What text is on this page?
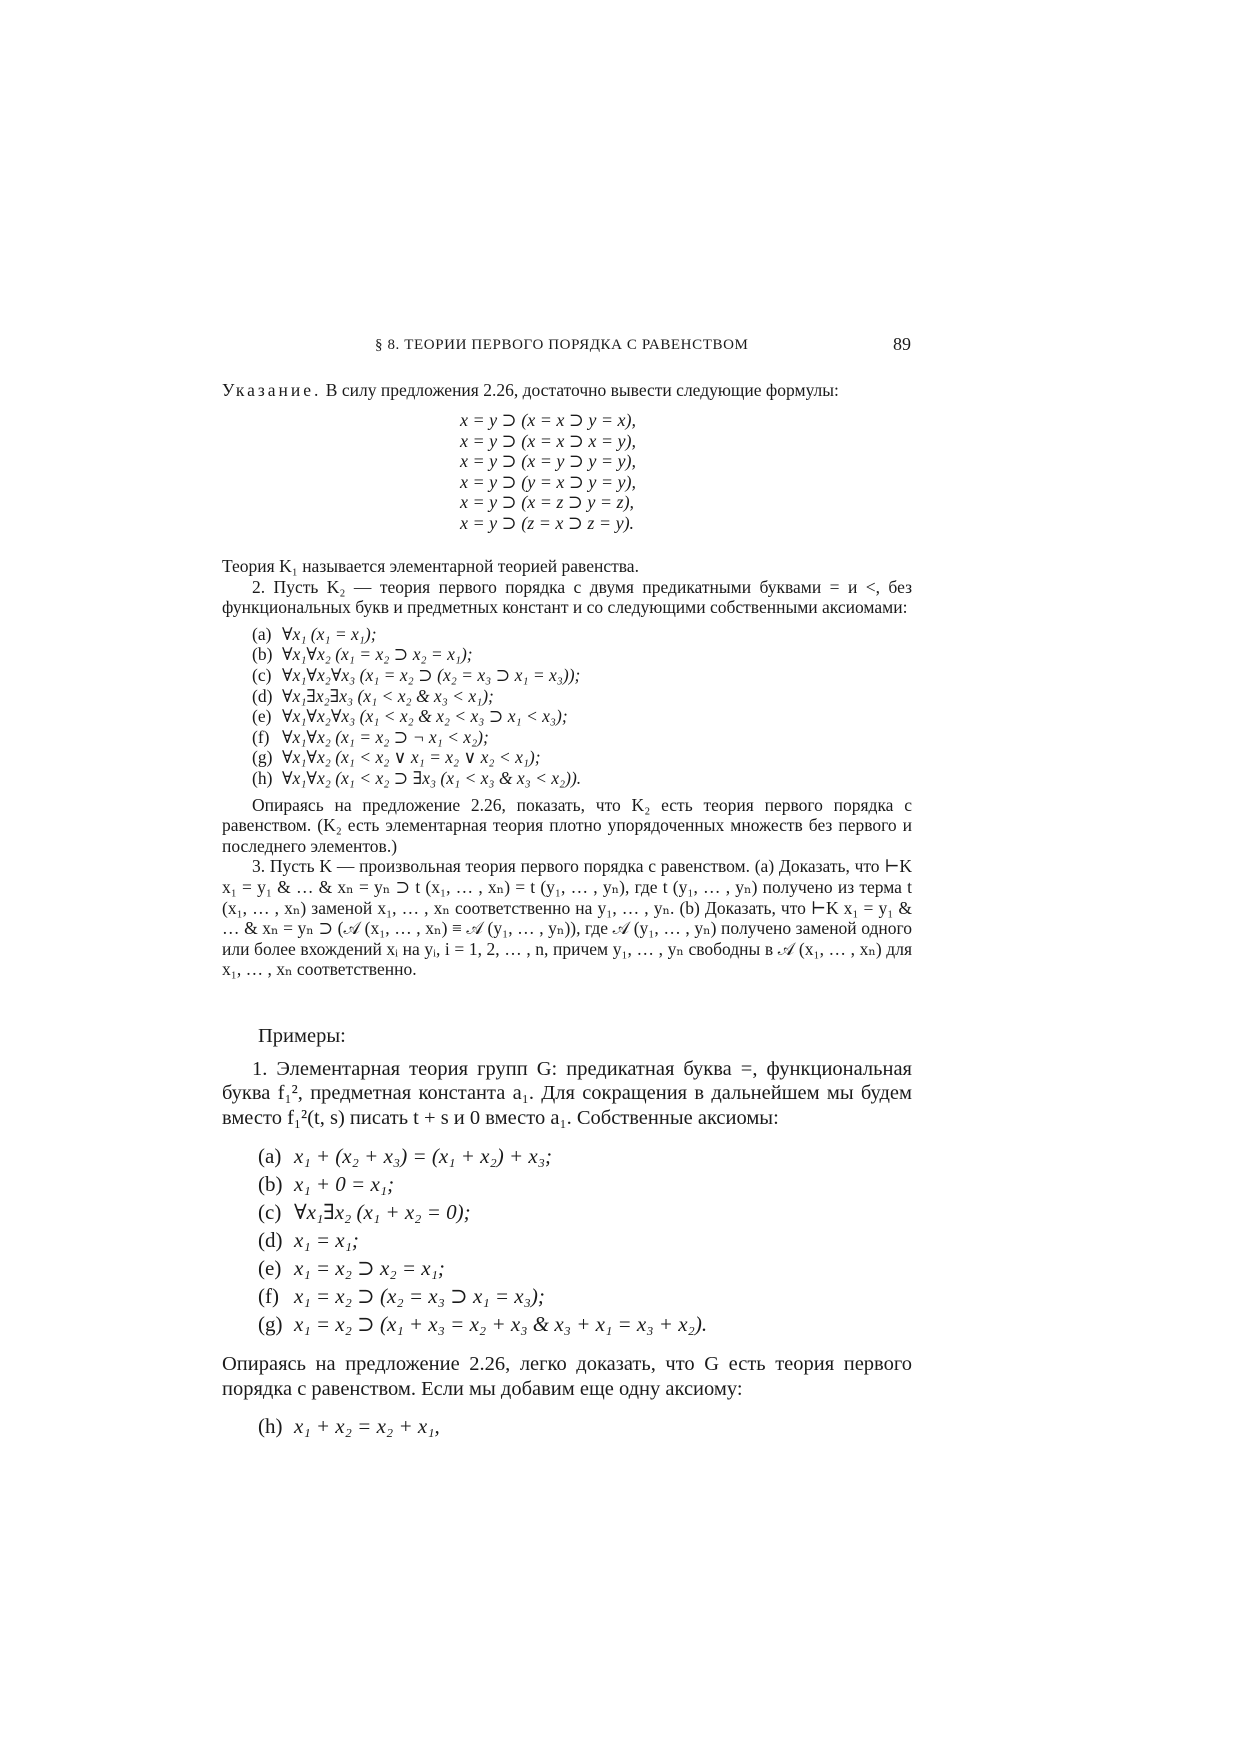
§ 8. ТЕОРИИ ПЕРВОГО ПОРЯДКА С РАВЕНСТВОМ	89

Указание. В силу предложения 2.26, достаточно вывести следующие формулы:

x = y ⊃ (x = x ⊃ y = x),
x = y ⊃ (x = x ⊃ x = y),
x = y ⊃ (x = y ⊃ y = y),
x = y ⊃ (y = x ⊃ y = y),
x = y ⊃ (x = z ⊃ y = z),
x = y ⊃ (z = x ⊃ z = y).

Теория K₁ называется элементарной теорией равенства.

2. Пусть K₂ — теория первого порядка с двумя предикатными буквами = и <, без функциональных букв и предметных констант и со следующими собственными аксиомами:

(a) ∀x₁ (x₁ = x₁);
(b) ∀x₁∀x₂ (x₁ = x₂ ⊃ x₂ = x₁);
(c) ∀x₁∀x₂∀x₃ (x₁ = x₂ ⊃ (x₂ = x₃ ⊃ x₁ = x₃));
(d) ∀x₁∃x₂∃x₃ (x₁ < x₂ & x₃ < x₁);
(e) ∀x₁∀x₂∀x₃ (x₁ < x₂ & x₂ < x₃ ⊃ x₁ < x₃);
(f) ∀x₁∀x₂ (x₁ = x₂ ⊃ ¬ x₁ < x₂);
(g) ∀x₁∀x₂ (x₁ < x₂ ∨ x₁ = x₂ ∨ x₂ < x₁);
(h) ∀x₁∀x₂ (x₁ < x₂ ⊃ ∃x₃ (x₁ < x₃ & x₃ < x₂)).

Опираясь на предложение 2.26, показать, что K₂ есть теория первого порядка с равенством. (K₂ есть элементарная теория плотно упорядоченных множеств без первого и последнего элементов.)

3. Пусть K — произвольная теория первого порядка с равенством. (а) Доказать, что ⊢K x₁ = y₁ & … & xₙ = yₙ ⊃ t (x₁, … , xₙ) = t (y₁, … , yₙ), где t (y₁, … , yₙ) получено из терма t (x₁, … , xₙ) заменой x₁, … , xₙ соответственно на y₁, … , yₙ. (b) Доказать, что ⊢K x₁ = y₁ & … & xₙ = yₙ ⊃ (𝒜 (x₁, … , xₙ) ≡ 𝒜 (y₁, … , yₙ)), где 𝒜 (y₁, … , yₙ) получено заменой одного или более вхождений xᵢ на yᵢ, i = 1, 2, … , n, причем y₁, … , yₙ свободны в 𝒜 (x₁, … , xₙ) для x₁, … , xₙ соответственно.

Примеры:

1. Элементарная теория групп G: предикатная буква =, функциональная буква f₁², предметная константа a₁. Для сокращения в дальнейшем мы будем вместо f₁²(t, s) писать t + s и 0 вместо a₁. Собственные аксиомы:

(a) x₁ + (x₂ + x₃) = (x₁ + x₂) + x₃;
(b) x₁ + 0 = x₁;
(c) ∀x₁∃x₂ (x₁ + x₂ = 0);
(d) x₁ = x₁;
(e) x₁ = x₂ ⊃ x₂ = x₁;
(f) x₁ = x₂ ⊃ (x₂ = x₃ ⊃ x₁ = x₃);
(g) x₁ = x₂ ⊃ (x₁ + x₃ = x₂ + x₃ & x₃ + x₁ = x₃ + x₂).

Опираясь на предложение 2.26, легко доказать, что G есть теория первого порядка с равенством. Если мы добавим еще одну аксиому:

(h) x₁ + x₂ = x₂ + x₁,
